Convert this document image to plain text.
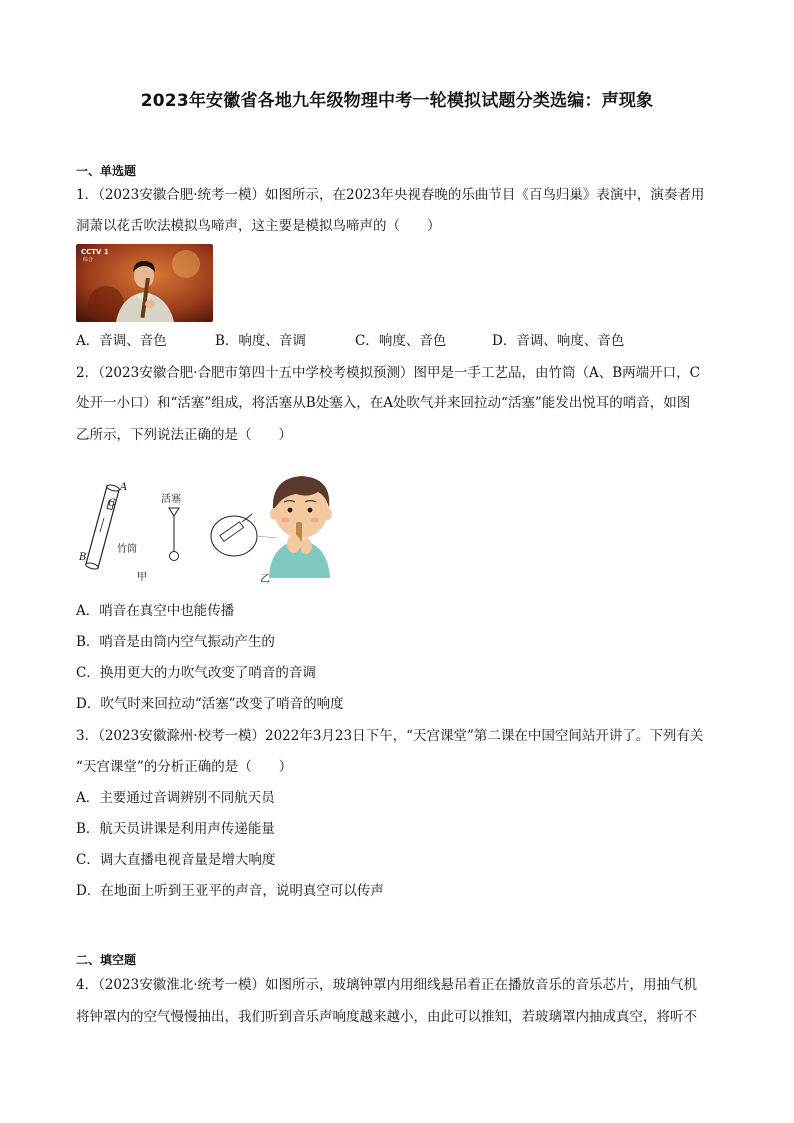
2023年安徽省各地九年级物理中考一轮模拟试题分类选编：声现象
一、单选题
1．（2023安徽合肥·统考一模）如图所示，在2023年央视春晚的乐曲节目《百鸟归巢》表演中，演奏者用
洞萧以花舌吹法模拟鸟啼声，这主要是模拟鸟啼声的（　　）
CCTV 1
综合
A．音调、音色	B．响度、音调	C．响度、音色	D．音调、响度、音色
2．（2023安徽合肥·合肥市第四十五中学校考模拟预测）图甲是一手工艺品，由竹筒（A、B两端开口，C
处开一小口）和“活塞”组成，将活塞从B处塞入，在A处吹气并来回拉动“活塞”能发出悦耳的哨音，如图
乙所示，下列说法正确的是（　　）
A
C
B
活塞
竹筒
甲	乙
A．哨音在真空中也能传播
B．哨音是由筒内空气振动产生的
C．换用更大的力吹气改变了哨音的音调
D．吹气时来回拉动“活塞”改变了哨音的响度
3．（2023安徽滁州·校考一模）2022年3月23日下午，“天宫课堂”第二课在中国空间站开讲了。下列有关
“天宫课堂”的分析正确的是（　　）
A．主要通过音调辨别不同航天员
B．航天员讲课是利用声传递能量
C．调大直播电视音量是增大响度
D．在地面上听到王亚平的声音，说明真空可以传声
二、填空题
4．（2023安徽淮北·统考一模）如图所示，玻璃钟罩内用细线悬吊着正在播放音乐的音乐芯片，用抽气机
将钟罩内的空气慢慢抽出，我们听到音乐声响度越来越小，由此可以推知，若玻璃罩内抽成真空，将听不
